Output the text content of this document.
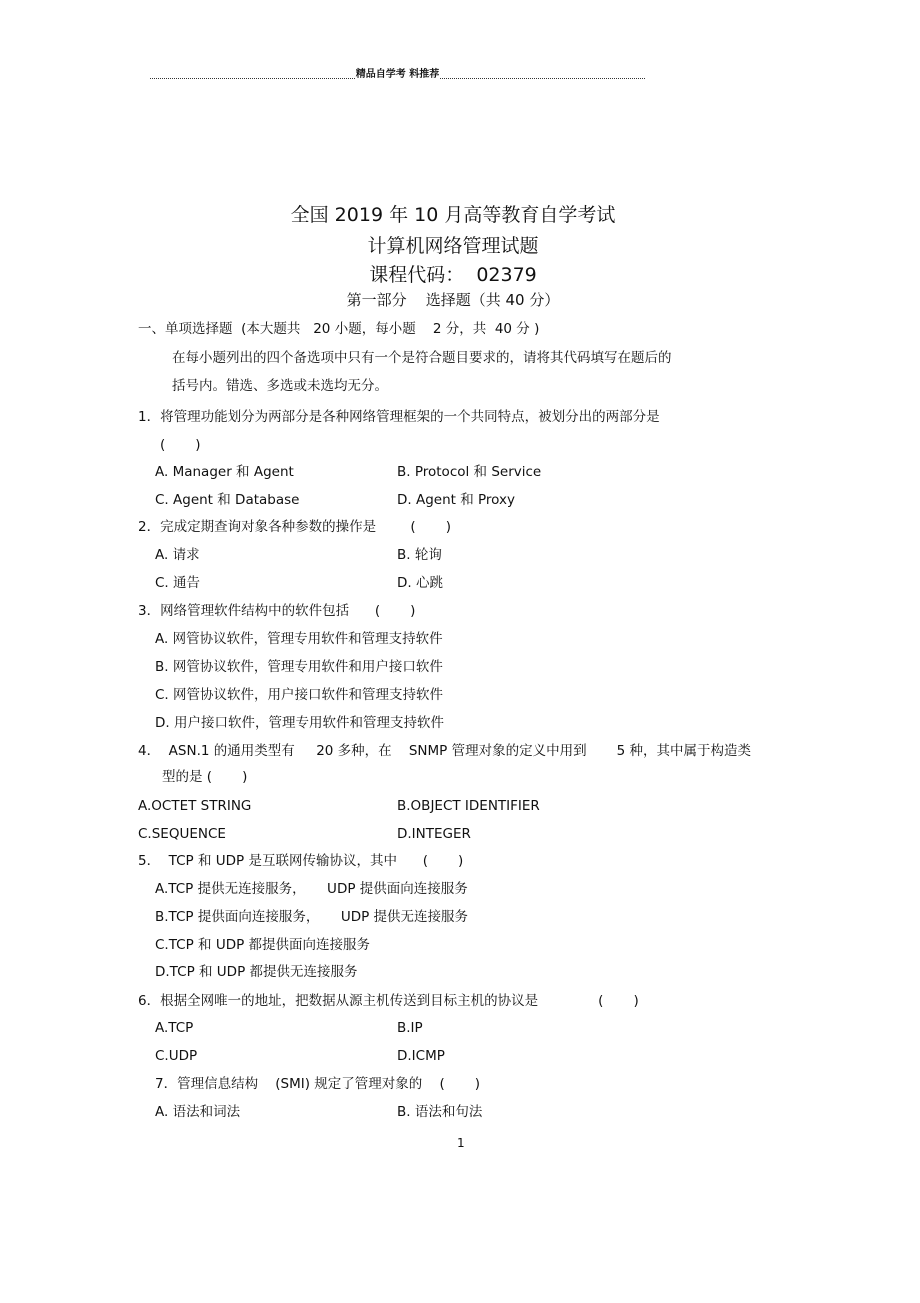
精品自学考 料推荐
全国 2019 年 10 月高等教育自学考试
计算机网络管理试题
课程代码：  02379
第一部分    选择题（共 40 分）
一、单项选择题  (本大题共   20 小题，每小题    2 分，共  40 分 )
在每小题列出的四个备选项中只有一个是符合题目要求的，请将其代码填写在题后的
括号内。错选、多选或未选均无分。
1．将管理功能划分为两部分是各种网络管理框架的一个共同特点，被划分出的两部分是
(       )
A. Manager 和 Agent	B. Protocol 和 Service
C. Agent 和 Database	D. Agent 和 Proxy
2．完成定期查询对象各种参数的操作是        (       )
A. 请求	B. 轮询
C. 通告	D. 心跳
3．网络管理软件结构中的软件包括      (       )
A. 网管协议软件，管理专用软件和管理支持软件
B. 网管协议软件，管理专用软件和用户接口软件
C. 网管协议软件，用户接口软件和管理支持软件
D. 用户接口软件，管理专用软件和管理支持软件
4．  ASN.1 的通用类型有     20 多种，在    SNMP 管理对象的定义中用到       5 种，其中属于构造类
型的是 (       )
A.OCTET STRING	B.OBJECT IDENTIFIER
C.SEQUENCE	D.INTEGER
5．  TCP 和 UDP 是互联网传输协议，其中      (       )
A.TCP 提供无连接服务，     UDP 提供面向连接服务
B.TCP 提供面向连接服务，     UDP 提供无连接服务
C.TCP 和 UDP 都提供面向连接服务
D.TCP 和 UDP 都提供无连接服务
6．根据全网唯一的地址，把数据从源主机传送到目标主机的协议是              (       )
A.TCP	B.IP
C.UDP	D.ICMP
7．管理信息结构    (SMI) 规定了管理对象的    (       )
A. 语法和词法	B. 语法和句法
1
